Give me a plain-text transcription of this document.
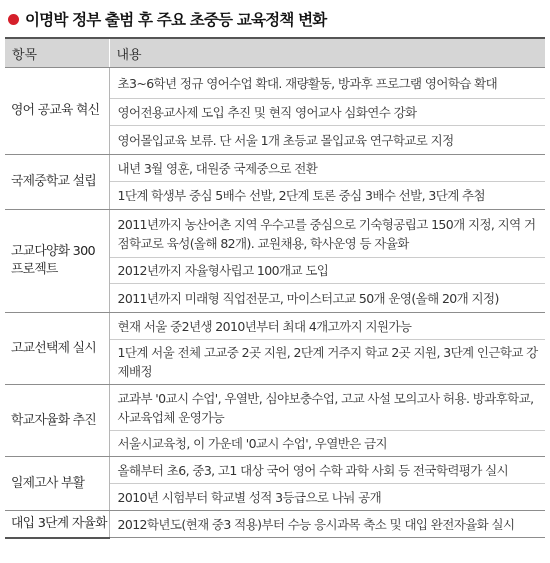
이명박 정부 출범 후 주요 초중등 교육정책 변화
항목	내용
영어 공교육 혁신	초3~6학년 정규 영어수업 확대. 재량활동, 방과후 프로그램 영어학습 확대
	영어전용교사제 도입 추진 및 현직 영어교사 심화연수 강화
	영어몰입교육 보류. 단 서울 1개 초등교 몰입교육 연구학교로 지정
국제중학교 설립	내년 3월 영훈, 대원중 국제중으로 전환
	1단계 학생부 중심 5배수 선발, 2단계 토론 중심 3배수 선발, 3단계 추첨
고교다양화 300 프로젝트	2011년까지 농산어촌 지역 우수고를 중심으로 기숙형공립고 150개 지정, 지역 거점학교로 육성(올해 82개). 교원채용, 학사운영 등 자율화
	2012년까지 자율형사립고 100개교 도입
	2011년까지 미래형 직업전문고, 마이스터고교 50개 운영(올해 20개 지정)
고교선택제 실시	현재 서울 중2년생 2010년부터 최대 4개고까지 지원가능
	1단계 서울 전체 고교중 2곳 지원, 2단계 거주지 학교 2곳 지원, 3단계 인근학교 강제배정
학교자율화 추진	교과부 '0교시 수업', 우열반, 심야보충수업, 고교 사설 모의고사 허용. 방과후학교, 사교육업체 운영가능
	서울시교육청, 이 가운데 '0교시 수업', 우열반은 금지
일제고사 부활	올해부터 초6, 중3, 고1 대상 국어 영어 수학 과학 사회 등 전국학력평가 실시
	2010년 시험부터 학교별 성적 3등급으로 나눠 공개
대입 3단계 자율화	2012학년도(현재 중3 적용)부터 수능 응시과목 축소 및 대입 완전자율화 실시
